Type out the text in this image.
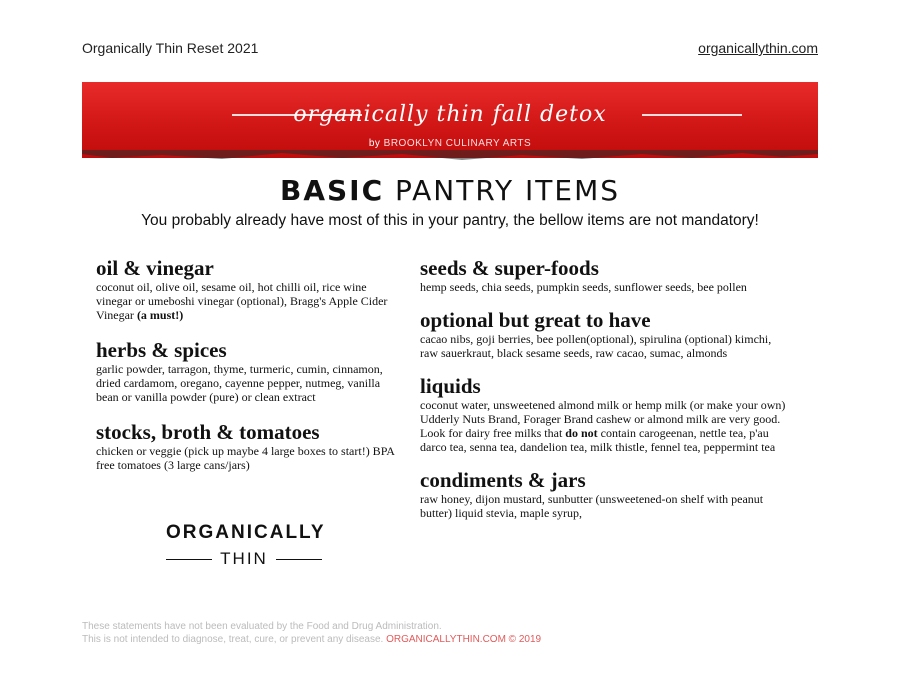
Organically Thin Reset 2021	organicallythin.com
organically thin fall detox
by BROOKLYN CULINARY ARTS
BASIC PANTRY ITEMS
You probably already have most of this in your pantry, the bellow items are not mandatory!
oil & vinegar
coconut oil, olive oil, sesame oil, hot chilli oil, rice wine vinegar or umeboshi vinegar (optional), Bragg's Apple Cider Vinegar (a must!)
herbs & spices
garlic powder, tarragon, thyme, turmeric, cumin, cinnamon, dried cardamom, oregano, cayenne pepper, nutmeg, vanilla bean or vanilla powder (pure) or clean extract
stocks, broth & tomatoes
chicken or veggie (pick up maybe 4 large boxes to start!) BPA free tomatoes (3 large cans/jars)
seeds & super-foods
hemp seeds, chia seeds, pumpkin seeds, sunflower seeds, bee pollen
optional but great to have
cacao nibs, goji berries, bee pollen(optional), spirulina (optional) kimchi, raw sauerkraut, black sesame seeds, raw cacao, sumac, almonds
liquids
coconut water, unsweetened almond milk or hemp milk (or make your own) Udderly Nuts Brand, Forager Brand cashew or almond milk are very good. Look for dairy free milks that do not contain carogeenan, nettle tea, p'au darco tea, senna tea, dandelion tea, milk thistle, fennel tea, peppermint tea
condiments & jars
raw honey, dijon mustard, sunbutter (unsweetened-on shelf with peanut butter) liquid stevia, maple syrup,
ORGANICALLY
THIN
These statements have not been evaluated by the Food and Drug Administration.
This is not intended to diagnose, treat, cure, or prevent any disease. ORGANICALLYTHIN.COM © 2019
